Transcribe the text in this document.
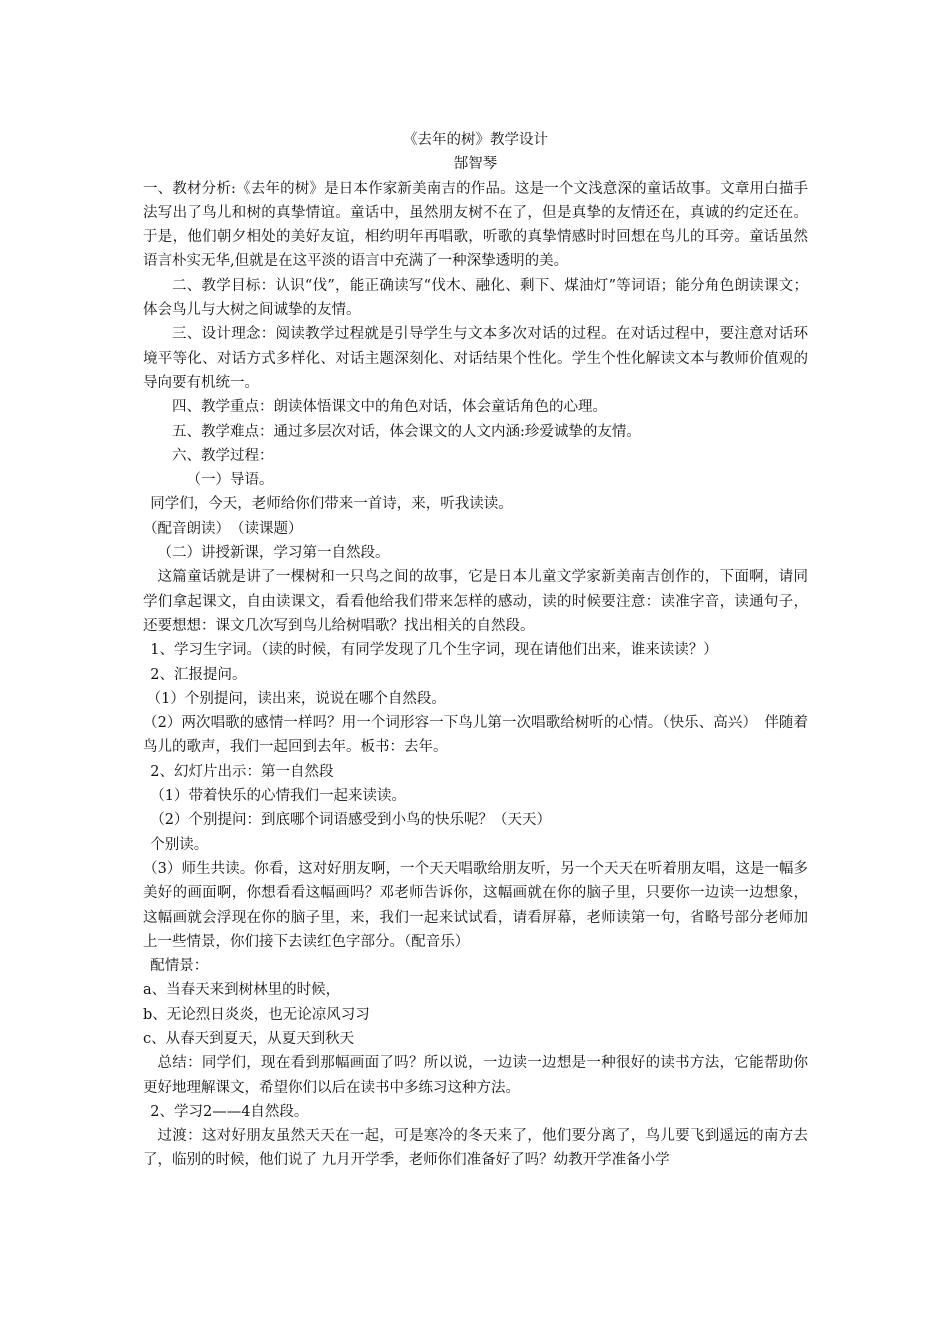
《去年的树》教学设计

郜智琴

一、教材分析:《去年的树》是日本作家新美南吉的作品。这是一个文浅意深的童话故事。文章用白描手法写出了鸟儿和树的真挚情谊。童话中，虽然朋友树不在了，但是真挚的友情还在，真诚的约定还在。于是，他们朝夕相处的美好友谊，相约明年再唱歌，听歌的真挚情感时时回想在鸟儿的耳旁。童话虽然语言朴实无华,但就是在这平淡的语言中充满了一种深挚透明的美。

二、教学目标：认识“伐”，能正确读写“伐木、融化、剩下、煤油灯”等词语；能分角色朗读课文；体会鸟儿与大树之间诚挚的友情。

三、设计理念：阅读教学过程就是引导学生与文本多次对话的过程。在对话过程中，要注意对话环境平等化、对话方式多样化、对话主题深刻化、对话结果个性化。学生个性化解读文本与教师价值观的导向要有机统一。

四、教学重点：朗读体悟课文中的角色对话，体会童话角色的心理。

五、教学难点：通过多层次对话，体会课文的人文内涵:珍爱诚挚的友情。

六、教学过程：

（一）导语。

同学们，今天，老师给你们带来一首诗，来，听我读读。

（配音朗读）　（读课题）

（二）讲授新课，学习第一自然段。

这篇童话就是讲了一棵树和一只鸟之间的故事，它是日本儿童文学家新美南吉创作的，下面啊，请同学们拿起课文，自由读课文，看看他给我们带来怎样的感动，读的时候要注意：读准字音，读通句子，还要想想：课文几次写到鸟儿给树唱歌？找出相关的自然段。

1、学习生字词。（读的时候，有同学发现了几个生字词，现在请他们出来，谁来读读？）

2、汇报提问。

（1）个别提问，读出来，说说在哪个自然段。

（2）两次唱歌的感情一样吗？用一个词形容一下鸟儿第一次唱歌给树听的心情。（快乐、高兴）　伴随着鸟儿的歌声，我们一起回到去年。板书：去年。

2、幻灯片出示：第一自然段

（1）带着快乐的心情我们一起来读读。

（2）个别提问：到底哪个词语感受到小鸟的快乐呢？（天天）

个别读。

（3）师生共读。你看，这对好朋友啊，一个天天唱歌给朋友听，另一个天天在听着朋友唱，这是一幅多美好的画面啊，你想看看这幅画吗？邓老师告诉你，这幅画就在你的脑子里，只要你一边读一边想象，这幅画就会浮现在你的脑子里，来，我们一起来试试看，请看屏幕，老师读第一句，省略号部分老师加上一些情景，你们接下去读红色字部分。（配音乐）

配情景：

a、当春天来到树林里的时候，

b、无论烈日炎炎，也无论凉风习习

c、从春天到夏天，从夏天到秋天

总结：同学们，现在看到那幅画面了吗？所以说，一边读一边想是一种很好的读书方法，它能帮助你更好地理解课文，希望你们以后在读书中多练习这种方法。

2、学习2——4自然段。

过渡：这对好朋友虽然天天在一起，可是寒冷的冬天来了，他们要分离了，鸟儿要飞到遥远的南方去了，临别的时候，他们说了 九月开学季，老师你们准备好了吗？幼教开学准备小学
